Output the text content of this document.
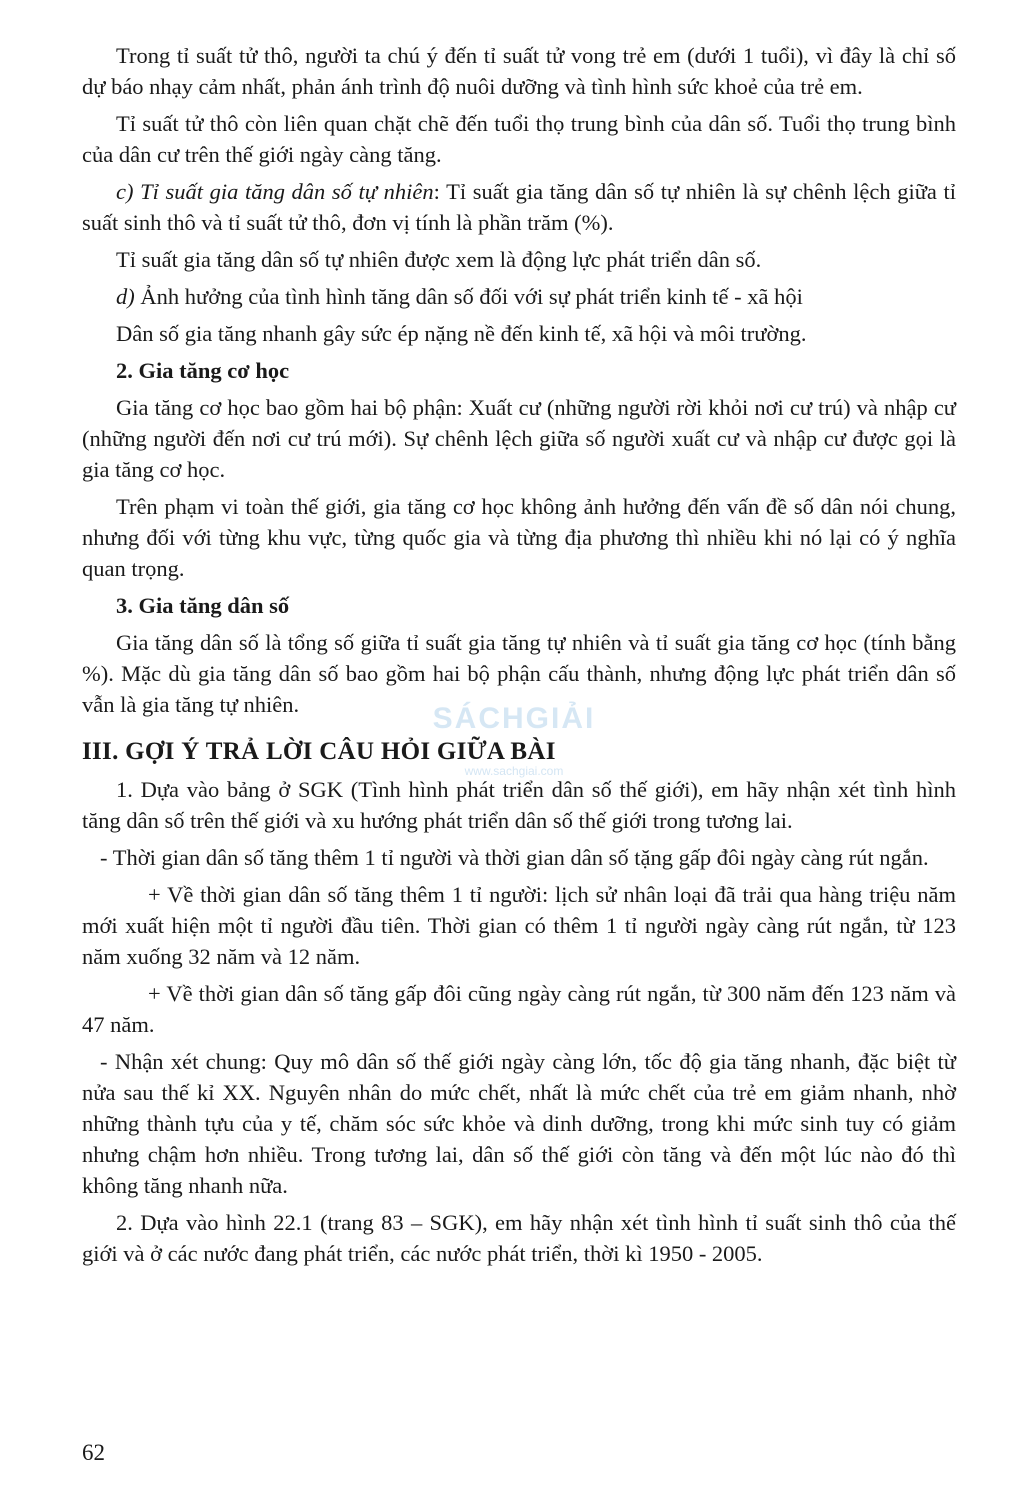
Trong tỉ suất tử thô, người ta chú ý đến tỉ suất tử vong trẻ em (dưới 1 tuổi), vì đây là chỉ số dự báo nhạy cảm nhất, phản ánh trình độ nuôi dưỡng và tình hình sức khoẻ của trẻ em.

Tỉ suất tử thô còn liên quan chặt chẽ đến tuổi thọ trung bình của dân số. Tuổi thọ trung bình của dân cư trên thế giới ngày càng tăng.

c) Tỉ suất gia tăng dân số tự nhiên: Tỉ suất gia tăng dân số tự nhiên là sự chênh lệch giữa tỉ suất sinh thô và tỉ suất tử thô, đơn vị tính là phần trăm (%).

Tỉ suất gia tăng dân số tự nhiên được xem là động lực phát triển dân số.

d) Ảnh hưởng của tình hình tăng dân số đối với sự phát triển kinh tế - xã hội

Dân số gia tăng nhanh gây sức ép nặng nề đến kinh tế, xã hội và môi trường.

2. Gia tăng cơ học

Gia tăng cơ học bao gồm hai bộ phận: Xuất cư (những người rời khỏi nơi cư trú) và nhập cư (những người đến nơi cư trú mới). Sự chênh lệch giữa số người xuất cư và nhập cư được gọi là gia tăng cơ học.

Trên phạm vi toàn thế giới, gia tăng cơ học không ảnh hưởng đến vấn đề số dân nói chung, nhưng đối với từng khu vực, từng quốc gia và từng địa phương thì nhiều khi nó lại có ý nghĩa quan trọng.

3. Gia tăng dân số

Gia tăng dân số là tổng số giữa tỉ suất gia tăng tự nhiên và tỉ suất gia tăng cơ học (tính bằng %). Mặc dù gia tăng dân số bao gồm hai bộ phận cấu thành, nhưng động lực phát triển dân số vẫn là gia tăng tự nhiên.

III. GỢI Ý TRẢ LỜI CÂU HỎI GIỮA BÀI

1. Dựa vào bảng ở SGK (Tình hình phát triển dân số thế giới), em hãy nhận xét tình hình tăng dân số trên thế giới và xu hướng phát triển dân số thế giới trong tương lai.

- Thời gian dân số tăng thêm 1 tỉ người và thời gian dân số tặng gấp đôi ngày càng rút ngắn.

+ Về thời gian dân số tăng thêm 1 tỉ người: lịch sử nhân loại đã trải qua hàng triệu năm mới xuất hiện một tỉ người đầu tiên. Thời gian có thêm 1 tỉ người ngày càng rút ngắn, từ 123 năm xuống 32 năm và 12 năm.

+ Về thời gian dân số tăng gấp đôi cũng ngày càng rút ngắn, từ 300 năm đến 123 năm và 47 năm.

- Nhận xét chung: Quy mô dân số thế giới ngày càng lớn, tốc độ gia tăng nhanh, đặc biệt từ nửa sau thế kỉ XX. Nguyên nhân do mức chết, nhất là mức chết của trẻ em giảm nhanh, nhờ những thành tựu của y tế, chăm sóc sức khỏe và dinh dưỡng, trong khi mức sinh tuy có giảm nhưng chậm hơn nhiều. Trong tương lai, dân số thế giới còn tăng và đến một lúc nào đó thì không tăng nhanh nữa.

2. Dựa vào hình 22.1 (trang 83 – SGK), em hãy nhận xét tình hình tỉ suất sinh thô của thế giới và ở các nước đang phát triển, các nước phát triển, thời kì 1950 - 2005.

SÁCHGIẢI
www.sachgiai.com
62
